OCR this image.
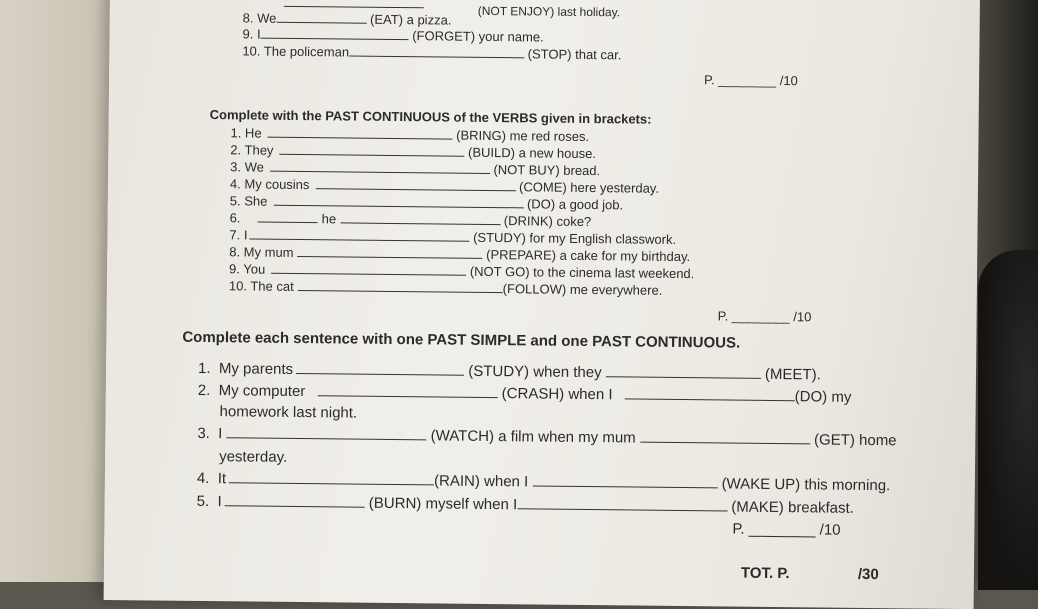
(NOT ENJOY) last holiday.
8. We	(EAT) a pizza.
9. I	(FORGET) your name.
10. The policeman	(STOP) that car.
P. ________ /10
Complete with the PAST CONTINUOUS of the VERBS given in brackets:
1. He	(BRING) me red roses.
2. They	(BUILD) a new house.
3. We	(NOT BUY) bread.
4. My cousins	(COME) here yesterday.
5. She	(DO) a good job.
6.	he	(DRINK) coke?
7. I	(STUDY) for my English classwork.
8. My mum	(PREPARE) a cake for my birthday.
9. You	(NOT GO) to the cinema last weekend.
10. The cat	(FOLLOW) me everywhere.
P. ________ /10
Complete each sentence with one PAST SIMPLE and one PAST CONTINUOUS.
1. My parents	(STUDY) when they	(MEET).
2. My computer	(CRASH) when I	(DO) my
homework last night.
3. I	(WATCH) a film when my mum	(GET) home
yesterday.
4. It	(RAIN) when I	(WAKE UP) this morning.
5. I	(BURN) myself when I	(MAKE) breakfast.
P. ________ /10
TOT. P.	/30
